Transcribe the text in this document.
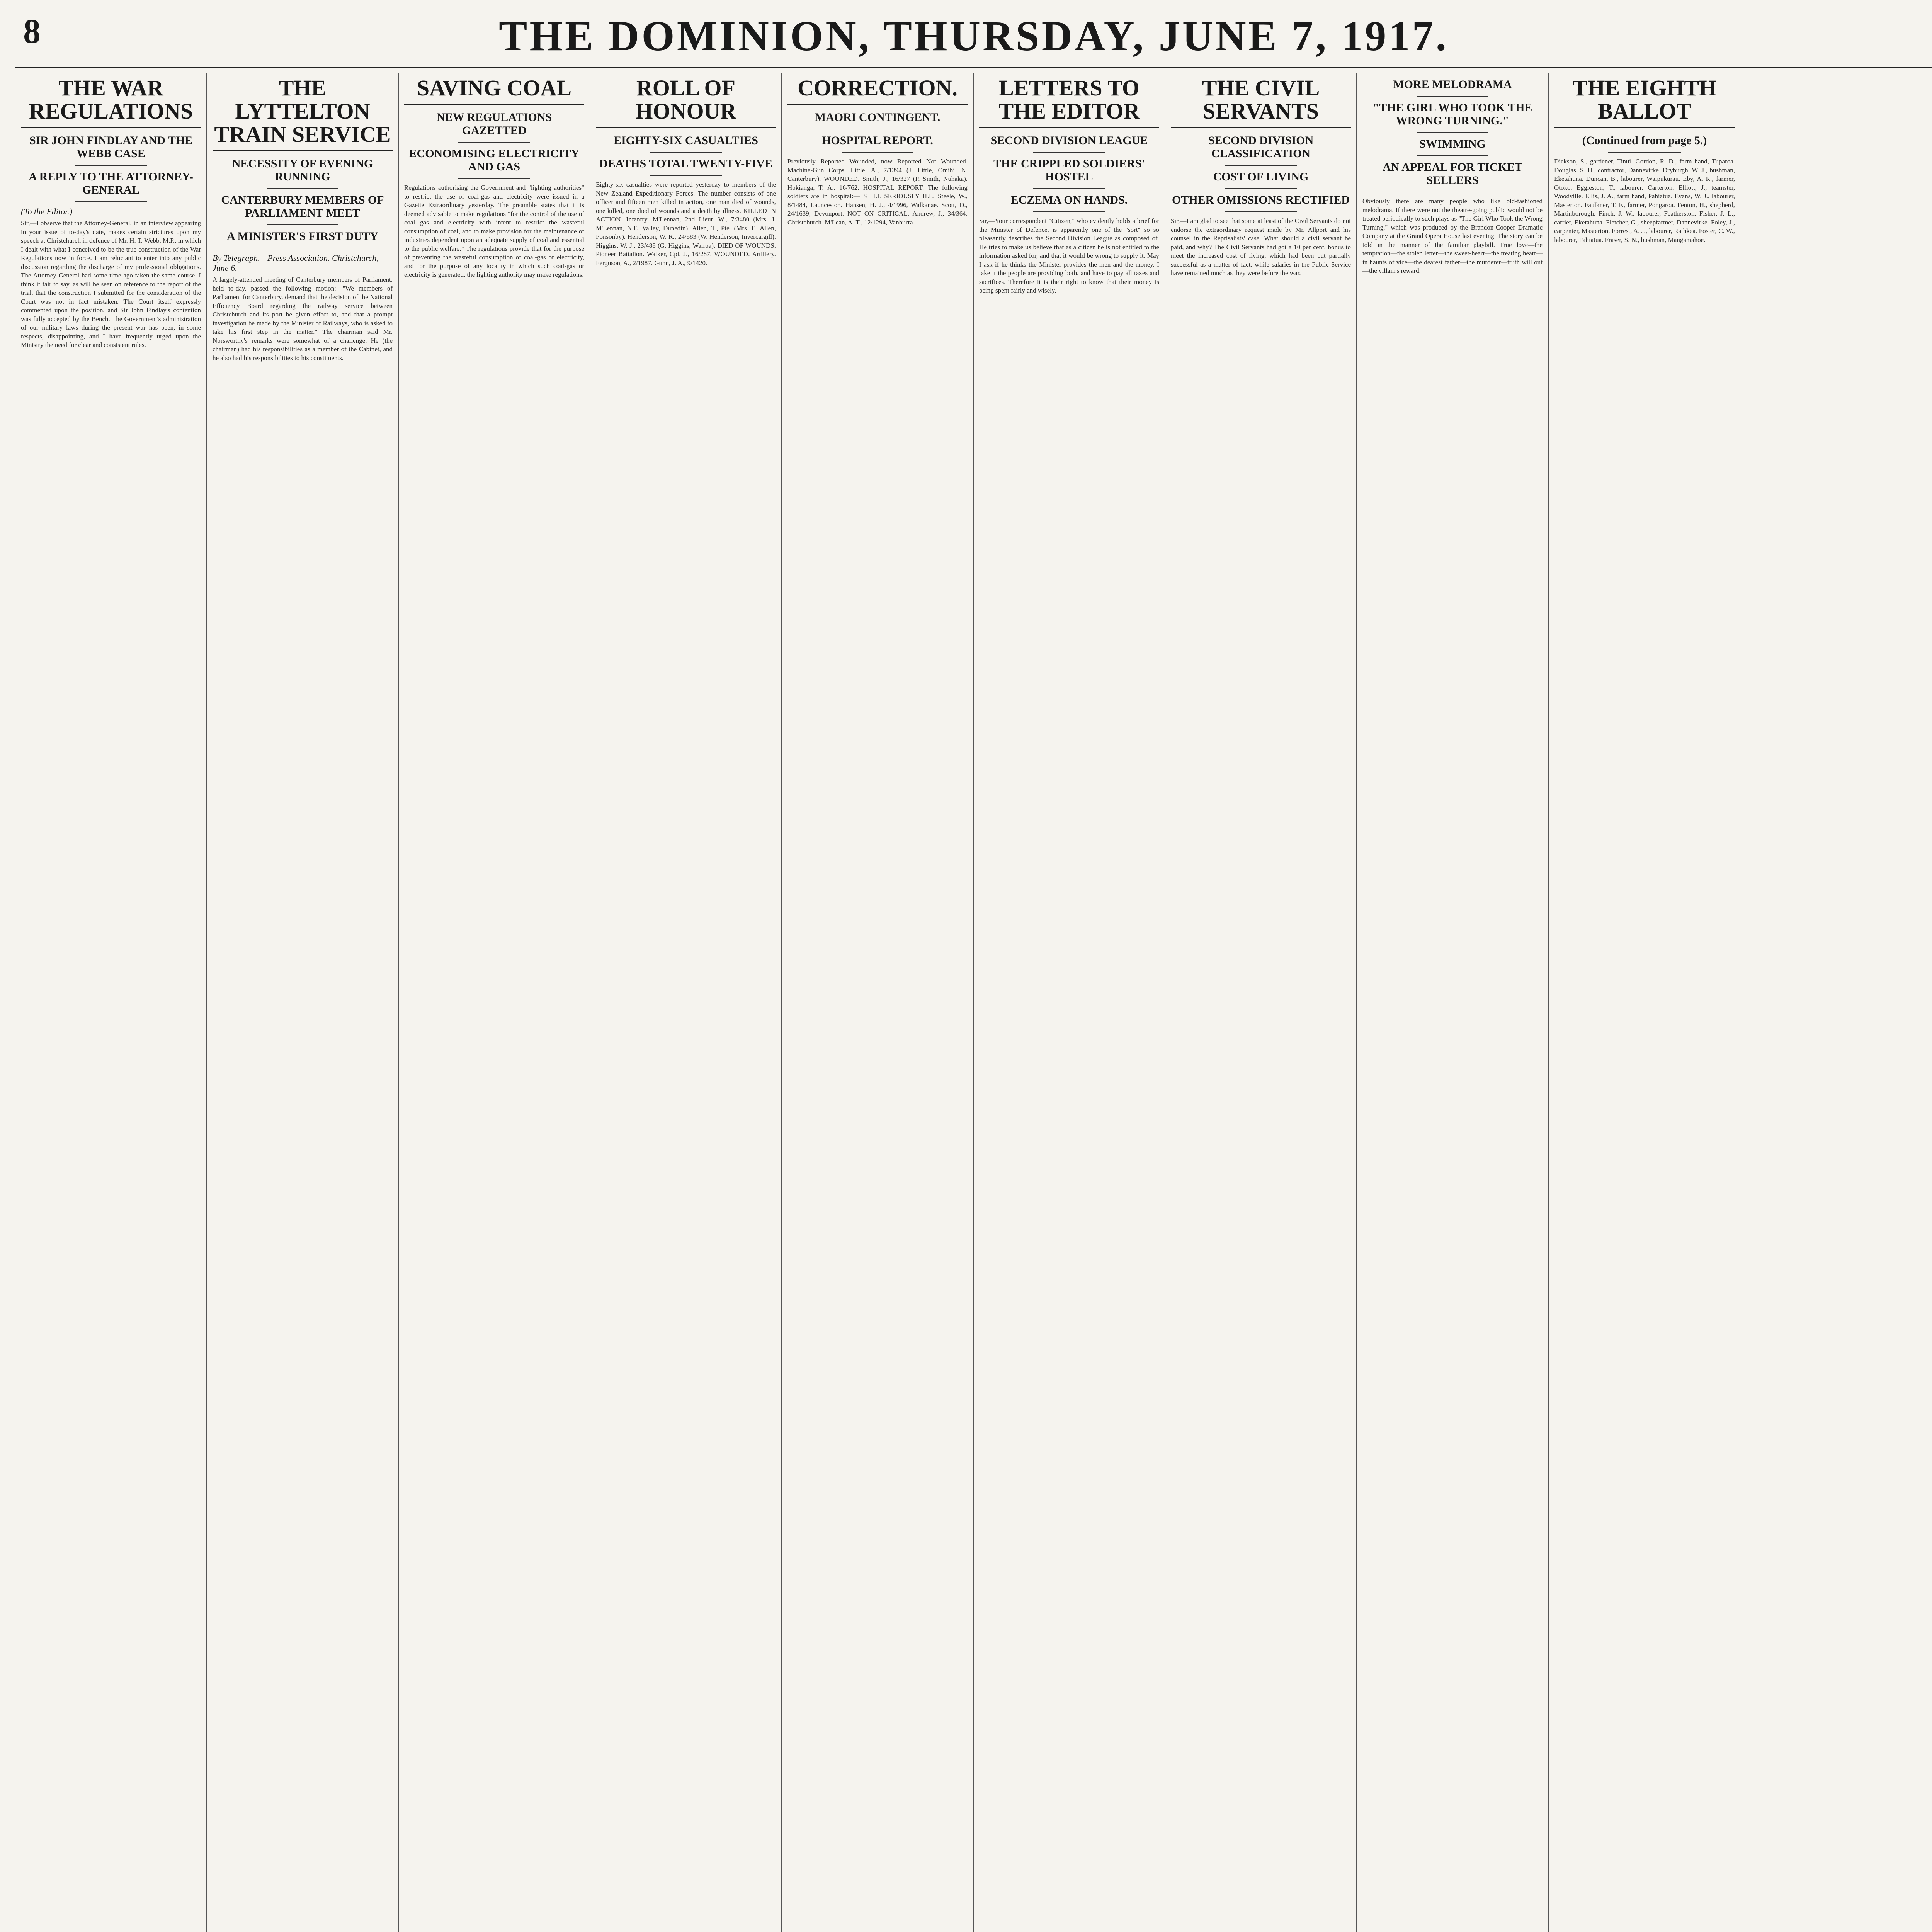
8	THE DOMINION, THURSDAY, JUNE 7, 1917.
THE WAR REGULATIONS
SIR JOHN FINDLAY AND THE WEBB CASE
A REPLY TO THE ATTORNEY-GENERAL
(To the Editor.)
Sir,—I observe that the Attorney-General, in an interview appearing in your issue of to-day's date, makes certain strictures upon my speech at Christchurch in defence of Mr. H. T. Webb, M.P., in which I dealt with what I conceived to be the true construction of the War Regulations now in force. I am reluctant to enter into any public discussion regarding the discharge of my professional obligations. The Attorney-General had some time ago taken the same course. I think it fair to say, as will be seen on reference to the report of the trial, that the construction I submitted for the consideration of the Court was not in fact mistaken. The Court itself expressly commented upon the position, and Sir John Findlay's contention was fully accepted by the Bench. The Government's administration of our military laws during the present war has been, in some respects, disappointing, and I have frequently urged upon the Ministry the need for clear and consistent rules.
THE LYTTELTON TRAIN SERVICE
NECESSITY OF EVENING RUNNING
CANTERBURY MEMBERS OF PARLIAMENT MEET
A MINISTER'S FIRST DUTY
By Telegraph.—Press Association. Christchurch, June 6.
A largely-attended meeting of Canterbury members of Parliament, held to-day, passed the following motion:—"We members of Parliament for Canterbury, demand that the decision of the National Efficiency Board regarding the railway service between Christchurch and its port be given effect to, and that a prompt investigation be made by the Minister of Railways, who is asked to take his first step in the matter." The chairman said Mr. Norsworthy's remarks were somewhat of a challenge. He (the chairman) had his responsibilities as a member of the Cabinet, and he also had his responsibilities to his constituents.
SAVING COAL
NEW REGULATIONS GAZETTED
ECONOMISING ELECTRICITY AND GAS
Regulations authorising the Government and "lighting authorities" to restrict the use of coal-gas and electricity were issued in a Gazette Extraordinary yesterday. The preamble states that it is deemed advisable to make regulations "for the control of the use of coal gas and electricity with intent to restrict the wasteful consumption of coal, and to make provision for the maintenance of industries dependent upon an adequate supply of coal and essential to the public welfare." The regulations provide that for the purpose of preventing the wasteful consumption of coal-gas or electricity, and for the purpose of any locality in which such coal-gas or electricity is generated, the lighting authority may make regulations.
ROLL OF HONOUR
EIGHTY-SIX CASUALTIES
DEATHS TOTAL TWENTY-FIVE
Eighty-six casualties were reported yesterday to members of the New Zealand Expeditionary Forces. The number consists of one officer and fifteen men killed in action, one man died of wounds, one killed, one died of wounds and a death by illness. KILLED IN ACTION. Infantry. M'Lennan, 2nd Lieut. W., 7/3480 (Mrs. J. M'Lennan, N.E. Valley, Dunedin). Allen, T., Pte. (Mrs. E. Allen, Ponsonby). Henderson, W. R., 24/883 (W. Henderson, Invercargill). Higgins, W. J., 23/488 (G. Higgins, Wairoa). DIED OF WOUNDS. Pioneer Battalion. Walker, Cpl. J., 16/287. WOUNDED. Artillery. Ferguson, A., 2/1987. Gunn, J. A., 9/1420.
CORRECTION.
MAORI CONTINGENT.
HOSPITAL REPORT.
Previously Reported Wounded, now Reported Not Wounded. Machine-Gun Corps. Little, A., 7/1394 (J. Little, Omihi, N. Canterbury). WOUNDED. Smith, J., 16/327 (P. Smith, Nuhaka). Hokianga, T. A., 16/762. HOSPITAL REPORT. The following soldiers are in hospital:— STILL SERIOUSLY ILL. Steele, W., 8/1484, Launceston. Hansen, H. J., 4/1996, Walkanae. Scott, D., 24/1639, Devonport. NOT ON CRITICAL. Andrew, J., 34/364, Christchurch. M'Lean, A. T., 12/1294, Vanburra.
LETTERS TO THE EDITOR
SECOND DIVISION LEAGUE
THE CRIPPLED SOLDIERS' HOSTEL
ECZEMA ON HANDS.
Sir,—Your correspondent "Citizen," who evidently holds a brief for the Minister of Defence, is apparently one of the "sort" so so pleasantly describes the Second Division League as composed of. He tries to make us believe that as a citizen he is not entitled to the information asked for, and that it would be wrong to supply it. May I ask if he thinks the Minister provides the men and the money. I take it the people are providing both, and have to pay all taxes and sacrifices. Therefore it is their right to know that their money is being spent fairly and wisely.
THE CIVIL SERVANTS
SECOND DIVISION CLASSIFICATION
COST OF LIVING
OTHER OMISSIONS RECTIFIED
Sir,—I am glad to see that some at least of the Civil Servants do not endorse the extraordinary request made by Mr. Allport and his counsel in the Reprisalists' case. What should a civil servant be paid, and why? The Civil Servants had got a 10 per cent. bonus to meet the increased cost of living, which had been but partially successful as a matter of fact, while salaries in the Public Service have remained much as they were before the war.
MORE MELODRAMA
"THE GIRL WHO TOOK THE WRONG TURNING."
SWIMMING
AN APPEAL FOR TICKET SELLERS
Obviously there are many people who like old-fashioned melodrama. If there were not the theatre-going public would not be treated periodically to such plays as "The Girl Who Took the Wrong Turning," which was produced by the Brandon-Cooper Dramatic Company at the Grand Opera House last evening. The story can be told in the manner of the familiar playbill. True love—the temptation—the stolen letter—the sweet-heart—the treating heart—in haunts of vice—the dearest father—the murderer—truth will out—the villain's reward.
THE EIGHTH BALLOT
(Continued from page 5.)
Dickson, S., gardener, Tinui. Gordon, R. D., farm hand, Tuparoa. Douglas, S. H., contractor, Dannevirke. Dryburgh, W. J., bushman, Eketahuna. Duncan, B., labourer, Waipukurau. Eby, A. R., farmer, Otoko. Eggleston, T., labourer, Carterton. Elliott, J., teamster, Woodville. Ellis, J. A., farm hand, Pahiatua. Evans, W. J., labourer, Masterton. Faulkner, T. F., farmer, Pongaroa. Fenton, H., shepherd, Martinborough. Finch, J. W., labourer, Featherston. Fisher, J. L., carrier, Eketahuna. Fletcher, G., sheepfarmer, Dannevirke. Foley, J., carpenter, Masterton. Forrest, A. J., labourer, Rathkea. Foster, C. W., labourer, Pahiatua. Fraser, S. N., bushman, Mangamahoe.
